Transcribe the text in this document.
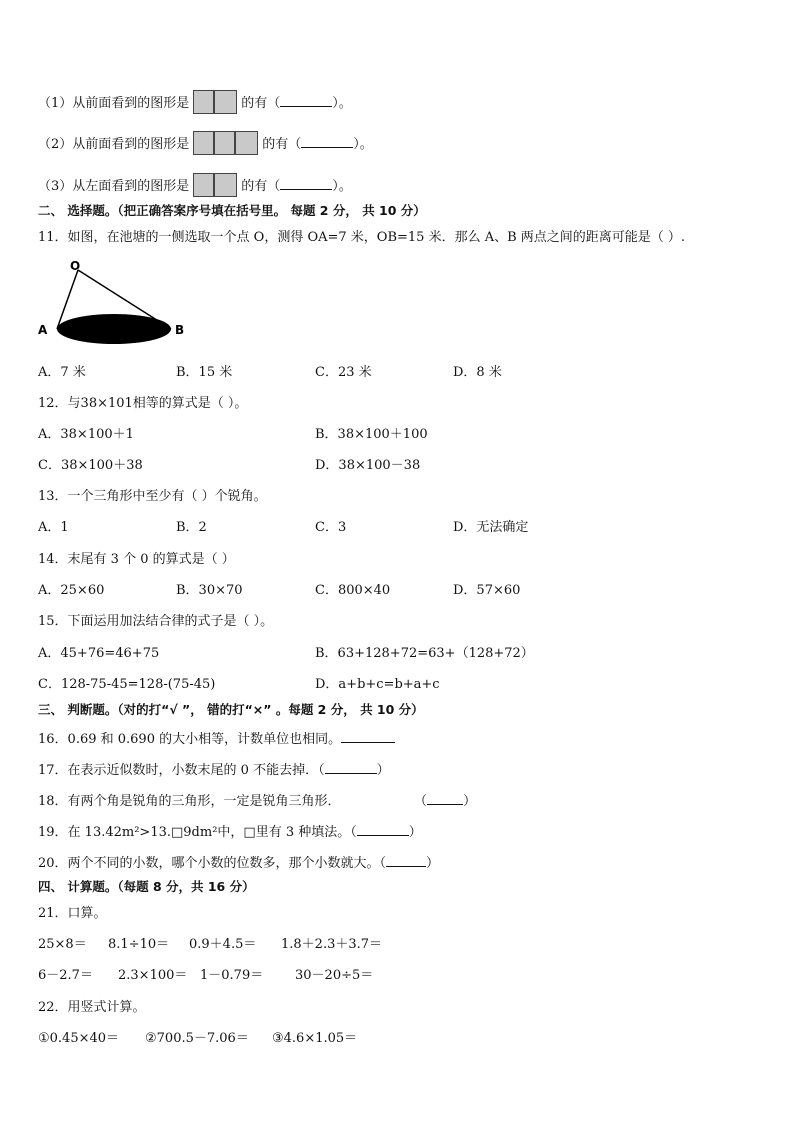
（1）从前面看到的图形是	的有（	）。
（2）从前面看到的图形是	的有（	）。
（3）从左面看到的图形是	的有（	）。
二、 选择题。（把正确答案序号填在括号里。 每题 2 分， 共 10 分）
11．如图，在池塘的一侧选取一个点 O，测得 OA=7 米，OB=15 米．那么 A、B 两点之间的距离可能是（ ）.
O
A	B
A．7 米	B．15 米	C．23 米	D．8 米
12．与38×101相等的算式是（ ）。
A．38×100＋1	B．38×100＋100
C．38×100＋38	D．38×100－38
13．一个三角形中至少有（ ）个锐角。
A．1	B．2	C．3	D．无法确定
14．末尾有 3 个 0 的算式是（ ）
A．25×60	B．30×70	C．800×40	D．57×60
15．下面运用加法结合律的式子是（ ）。
A．45+76=46+75	B．63+128+72=63+（128+72）
C．128-75-45=128-(75-45)	D．a+b+c=b+a+c
三、 判断题。（对的打“√ ”， 错的打“×” 。每题 2 分， 共 10 分）
16．0.69 和 0.690 的大小相等，计数单位也相同。
17．在表示近似数时，小数末尾的 0 不能去掉．（	）
18．有两个角是锐角的三角形，一定是锐角三角形．	（	）
19．在 13.42m²>13.□9dm²中，□里有 3 种填法。（	）
20．两个不同的小数，哪个小数的位数多，那个小数就大。（	）
四、 计算题。（每题 8 分，共 16 分）
21．口算。
25×8＝ 8.1÷10＝ 0.9＋4.5＝ 1.8＋2.3＋3.7＝
6－2.7＝ 2.3×100＝ 1－0.79＝ 30－20÷5＝
22．用竖式计算。
①0.45×40＝ ②700.5－7.06＝ ③4.6×1.05＝
